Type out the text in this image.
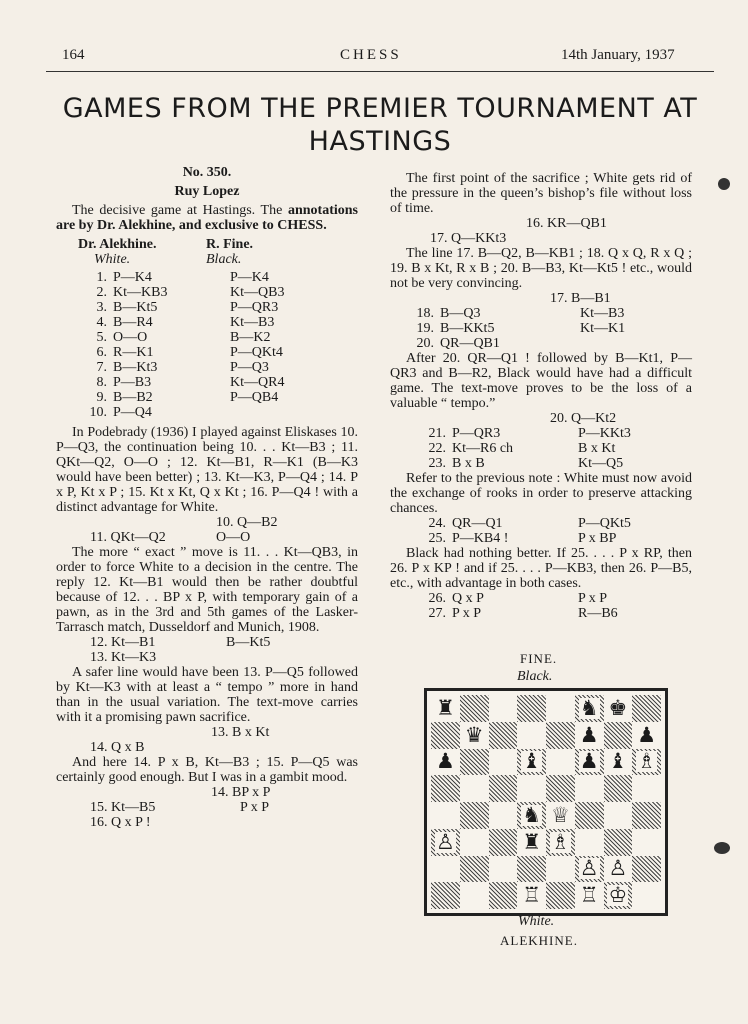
164	CHESS	14th January, 1937
GAMES FROM THE PREMIER TOURNAMENT AT HASTINGS

No. 350.

Ruy Lopez

The decisive game at Hastings. The annotations are by Dr. Alekhine, and exclusive to CHESS.

Dr. Alekhine.	R. Fine.
White.	Black.
1. P—K4	P—K4
2. Kt—KB3	Kt—QB3
3. B—Kt5	P—QR3
4. B—R4	Kt—B3
5. O—O	B—K2
6. R—K1	P—QKt4
7. B—Kt3	P—Q3
8. P—B3	Kt—QR4
9. B—B2	P—QB4
10. P—Q4

In Podebrady (1936) I played against Eliskases 10. P—Q3, the continuation being 10. . . Kt—B3 ; 11. QKt—Q2, O—O ; 12. Kt—B1, R—K1 (B—K3 would have been better) ; 13. Kt—K3, P—Q4 ; 14. P x P, Kt x P ; 15. Kt x Kt, Q x Kt ; 16. P—Q4 ! with a distinct advantage for White.

10. Q—B2
11. QKt—Q2	O—O

The more “ exact ” move is 11. . . Kt—QB3, in order to force White to a decision in the centre. The reply 12. Kt—B1 would then be rather doubtful because of 12. . . BP x P, with temporary gain of a pawn, as in the 3rd and 5th games of the Lasker-Tarrasch match, Dusseldorf and Munich, 1908.

12. Kt—B1	B—Kt5
13. Kt—K3

A safer line would have been 13. P—Q5 followed by Kt—K3 with at least a “ tempo ” more in hand than in the usual variation. The text-move carries with it a promising pawn sacrifice.

13. B x Kt
14. Q x B

And here 14. P x B, Kt—B3 ; 15. P—Q5 was certainly good enough. But I was in a gambit mood.

14. BP x P
15. Kt—B5	P x P
16. Q x P !

The first point of the sacrifice ; White gets rid of the pressure in the queen’s bishop’s file without loss of time.

16. KR—QB1
17. Q—KKt3

The line 17. B—Q2, B—KB1 ; 18. Q x Q, R x Q ; 19. B x Kt, R x B ; 20. B—B3, Kt—Kt5 ! etc., would not be very convincing.

17. B—B1
18. B—Q3	Kt—B3
19. B—KKt5	Kt—K1
20. QR—QB1

After 20. QR—Q1 ! followed by B—Kt1, P—QR3 and B—R2, Black would have had a difficult game. The text-move proves to be the loss of a valuable “ tempo.”

20. Q—Kt2
21. P—QR3	P—KKt3
22. Kt—R6 ch	B x Kt
23. B x B	Kt—Q5

Refer to the previous note : White must now avoid the exchange of rooks in order to preserve attacking chances.

24. QR—Q1	P—QKt5
25. P—KB4 !	P x BP

Black had nothing better. If 25. . . . P x RP, then 26. P x KP ! and if 25. . . . P—KB3, then 26. P—B5, etc., with advantage in both cases.

26. Q x P	P x P
27. P x P	R—B6
FINE.
Black.
♜	♞ ♚
♛	♟ ♟
♟	♝ ♟ ♝ ♗
♞ ♕
♙	♜ ♗
♙ ♙
♖ ♖ ♔
White.
ALEKHINE.
